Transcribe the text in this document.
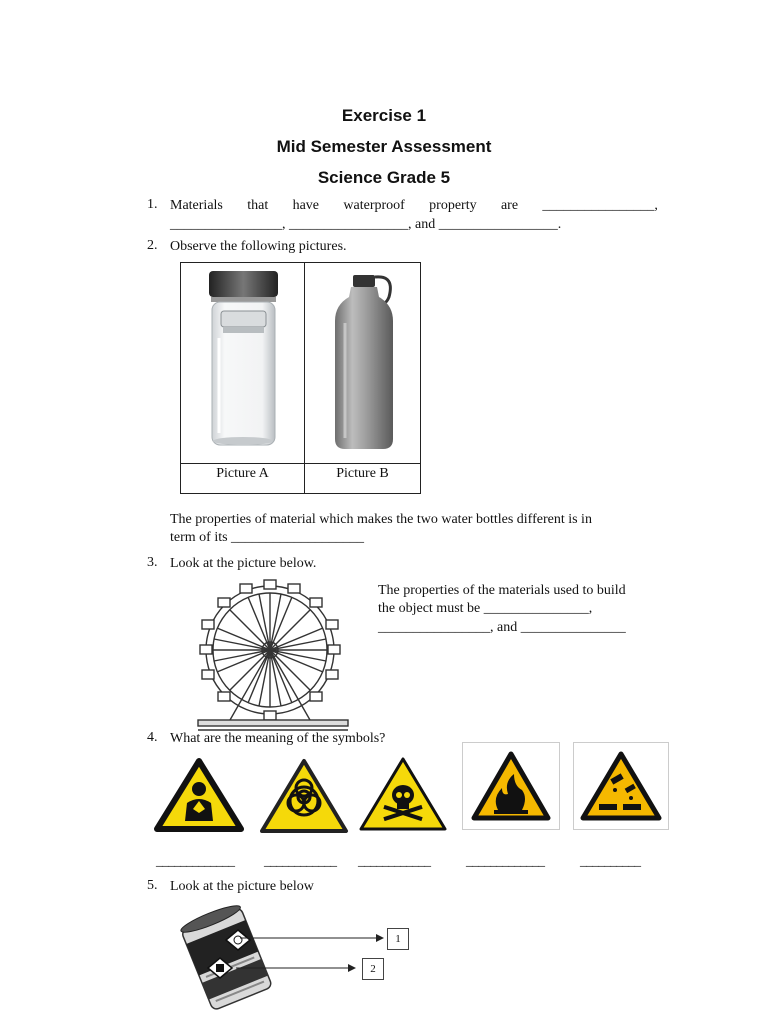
Exercise 1
Mid Semester Assessment
Science Grade 5
1. Materials that have waterproof property are ________________,
________________, _________________, and _________________.
2. Observe the following pictures.

Picture A	Picture B
The properties of material which makes the two water bottles different is in
term of its ___________________
3. Look at the picture below.
The properties of the materials used to build
the object must be _______________,
________________, and _______________
4. What are the meaning of the symbols?
_____________ ____________ ____________	_____________	__________
5. Look at the picture below
1
2
